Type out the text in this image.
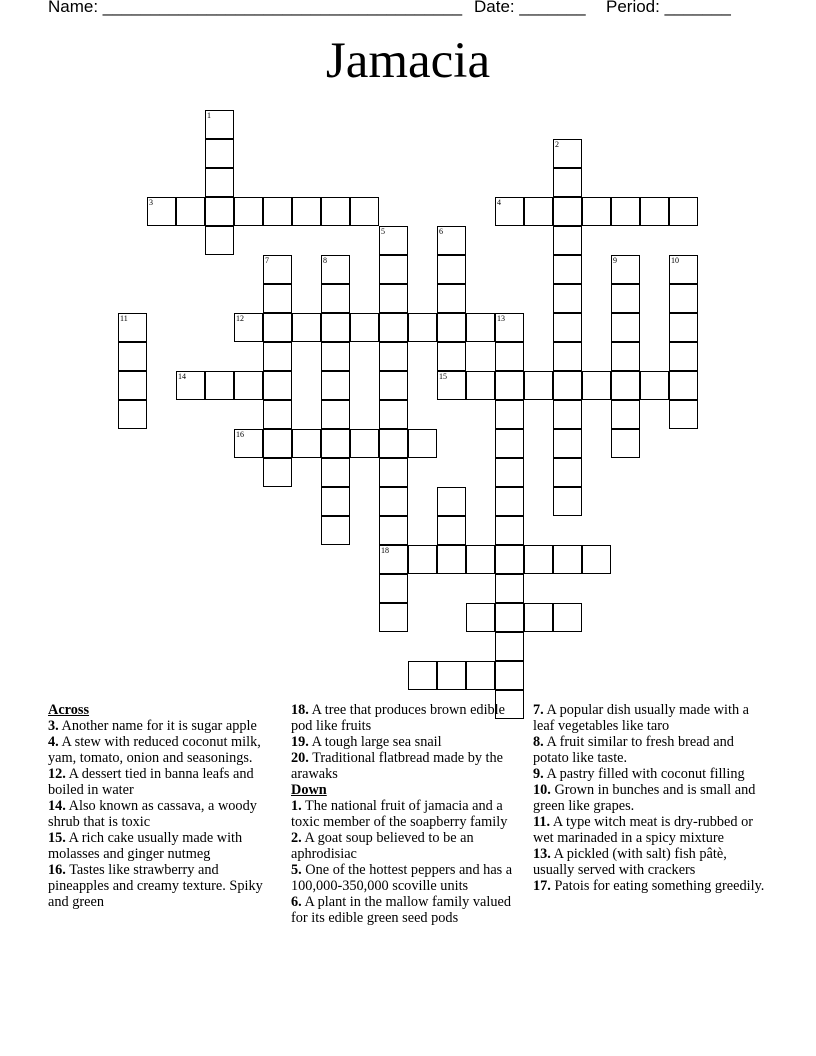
Name: ______________________________________ Date: _______ Period: _______
Jamacia
1
2
3	4
5
18
6
15
7	8	9	10
11	12	13
14
16
Across
3. Another name for it is sugar apple
4. A stew with reduced coconut milk, yam, tomato, onion and seasonings.
12. A dessert tied in banna leafs and boiled in water
14. Also known as cassava, a woody shrub that is toxic
15. A rich cake usually made with molasses and ginger nutmeg
16. Tastes like strawberry and pineapples and creamy texture. Spiky and green
18. A tree that produces brown edible pod like fruits
19. A tough large sea snail
20. Traditional flatbread made by the arawaks
Down
1. The national fruit of jamacia and a toxic member of the soapberry family
2. A goat soup believed to be an aphrodisiac
5. One of the hottest peppers and has a 100,000-350,000 scoville units
6. A plant in the mallow family valued for its edible green seed pods
7. A popular dish usually made with a leaf vegetables like taro
8. A fruit similar to fresh bread and potato like taste.
9. A pastry filled with coconut filling
10. Grown in bunches and is small and green like grapes.
11. A type witch meat is dry-rubbed or wet marinaded in a spicy mixture
13. A pickled (with salt) fish pâtè, usually served with crackers
17. Patois for eating something greedily.
